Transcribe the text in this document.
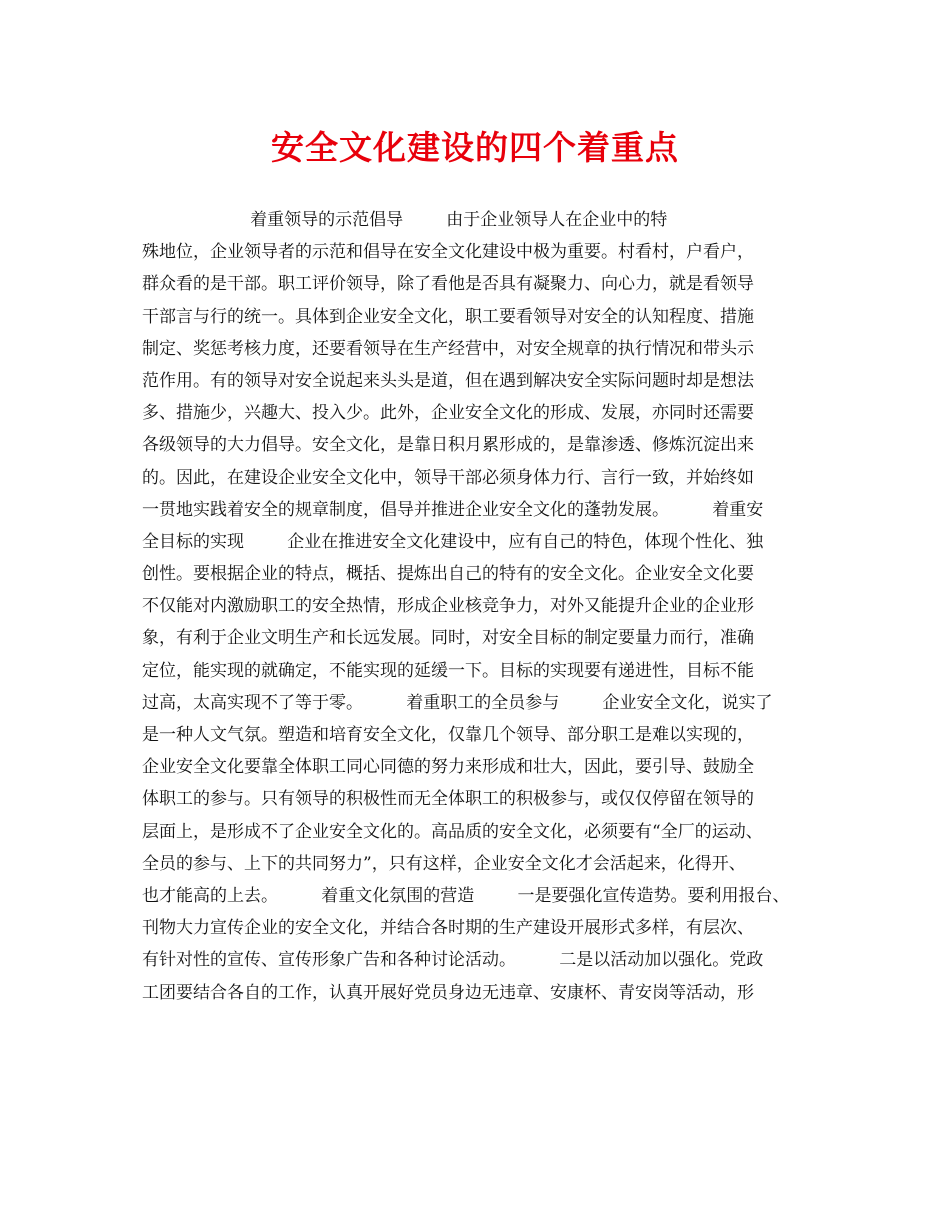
安全文化建设的四个着重点
着重领导的示范倡导        由于企业领导人在企业中的特
殊地位，企业领导者的示范和倡导在安全文化建设中极为重要。村看村，户看户，
群众看的是干部。职工评价领导，除了看他是否具有凝聚力、向心力，就是看领导
干部言与行的统一。具体到企业安全文化，职工要看领导对安全的认知程度、措施
制定、奖惩考核力度，还要看领导在生产经营中，对安全规章的执行情况和带头示
范作用。有的领导对安全说起来头头是道，但在遇到解决安全实际问题时却是想法
多、措施少，兴趣大、投入少。此外，企业安全文化的形成、发展，亦同时还需要
各级领导的大力倡导。安全文化，是靠日积月累形成的，是靠渗透、修炼沉淀出来
的。因此，在建设企业安全文化中，领导干部必须身体力行、言行一致，并始终如
一贯地实践着安全的规章制度，倡导并推进企业安全文化的蓬勃发展。        着重安
全目标的实现        企业在推进安全文化建设中，应有自己的特色，体现个性化、独
创性。要根据企业的特点，概括、提炼出自己的特有的安全文化。企业安全文化要
不仅能对内激励职工的安全热情，形成企业核竞争力，对外又能提升企业的企业形
象，有利于企业文明生产和长远发展。同时，对安全目标的制定要量力而行，准确
定位，能实现的就确定，不能实现的延缓一下。目标的实现要有递进性，目标不能
过高，太高实现不了等于零。        着重职工的全员参与        企业安全文化，说实了
是一种人文气氛。塑造和培育安全文化，仅靠几个领导、部分职工是难以实现的，
企业安全文化要靠全体职工同心同德的努力来形成和壮大，因此，要引导、鼓励全
体职工的参与。只有领导的积极性而无全体职工的积极参与，或仅仅停留在领导的
层面上，是形成不了企业安全文化的。高品质的安全文化，必须要有“全厂的运动、
全员的参与、上下的共同努力”，只有这样，企业安全文化才会活起来，化得开、
也才能高的上去。        着重文化氛围的营造        一是要强化宣传造势。要利用报台、
刊物大力宣传企业的安全文化，并结合各时期的生产建设开展形式多样，有层次、
有针对性的宣传、宣传形象广告和各种讨论活动。        二是以活动加以强化。党政
工团要结合各自的工作，认真开展好党员身边无违章、安康杯、青安岗等活动，形
